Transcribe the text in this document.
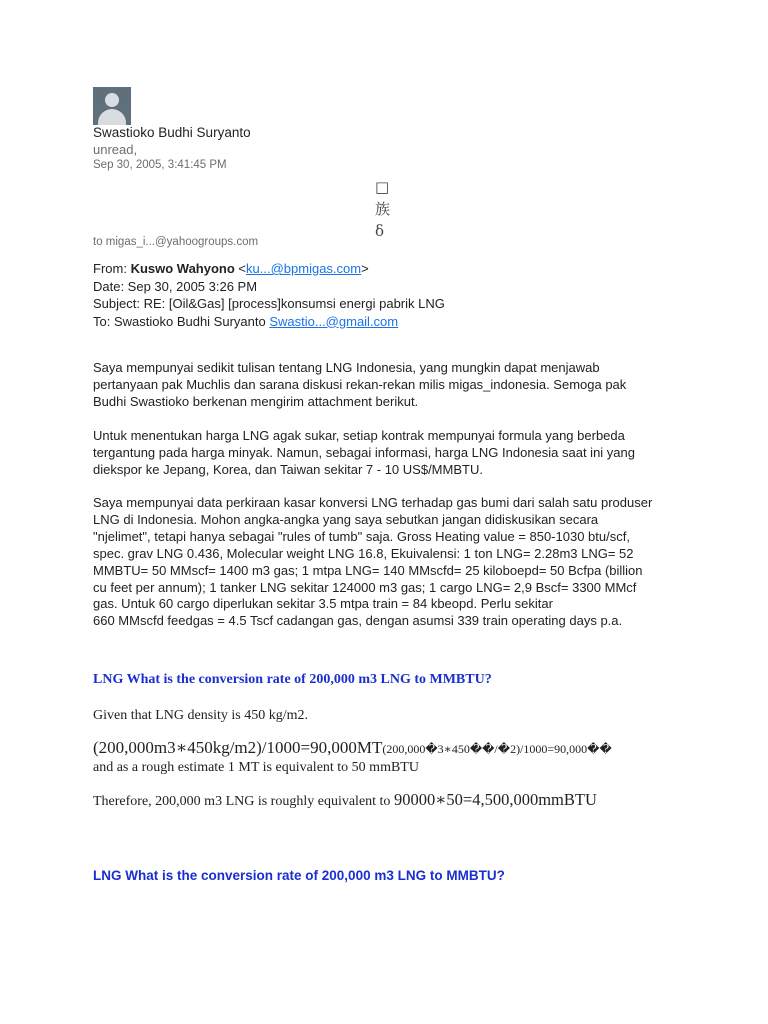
Swastioko Budhi Suryanto
unread,
Sep 30, 2005, 3:41:45 PM
□
族
ẟ
to migas_i...@yahoogroups.com
From: Kuswo Wahyono <ku...@bpmigas.com>
Date: Sep 30, 2005 3:26 PM
Subject: RE: [Oil&Gas] [process]konsumsi energi pabrik LNG
To: Swastioko Budhi Suryanto Swastio...@gmail.com
Saya mempunyai sedikit tulisan tentang LNG Indonesia, yang mungkin dapat menjawab
pertanyaan pak Muchlis dan sarana diskusi rekan-rekan milis migas_indonesia. Semoga pak
Budhi Swastioko berkenan mengirim attachment berikut.
Untuk menentukan harga LNG agak sukar, setiap kontrak mempunyai formula yang berbeda
tergantung pada harga minyak. Namun, sebagai informasi, harga LNG Indonesia saat ini yang
diekspor ke Jepang, Korea, dan Taiwan sekitar 7 - 10 US$/MMBTU.
Saya mempunyai data perkiraan kasar konversi LNG terhadap gas bumi dari salah satu produser
LNG di Indonesia. Mohon angka-angka yang saya sebutkan jangan didiskusikan secara
"njelimet", tetapi hanya sebagai "rules of tumb" saja. Gross Heating value = 850-1030 btu/scf,
spec. grav LNG 0.436, Molecular weight LNG 16.8, Ekuivalensi: 1 ton LNG= 2.28m3 LNG= 52
MMBTU= 50 MMscf= 1400 m3 gas; 1 mtpa LNG= 140 MMscfd= 25 kiloboepd= 50 Bcfpa (billion
cu feet per annum); 1 tanker LNG sekitar 124000 m3 gas; 1 cargo LNG= 2,9 Bscf= 3300 MMcf
gas. Untuk 60 cargo diperlukan sekitar 3.5 mtpa train = 84 kbeopd. Perlu sekitar
660 MMscfd feedgas = 4.5 Tscf cadangan gas, dengan asumsi 339 train operating days p.a.
LNG What is the conversion rate of 200,000 m3 LNG to MMBTU?
Given that LNG density is 450 kg/m2.
(200,000m3∗450kg/m2)/1000=90,000MT(200,000�3∗450��/�2)/1000=90,000��
and as a rough estimate 1 MT is equivalent to 50 mmBTU
Therefore, 200,000 m3 LNG is roughly equivalent to 90000∗50=4,500,000mmBTU
LNG What is the conversion rate of 200,000 m3 LNG to MMBTU?
